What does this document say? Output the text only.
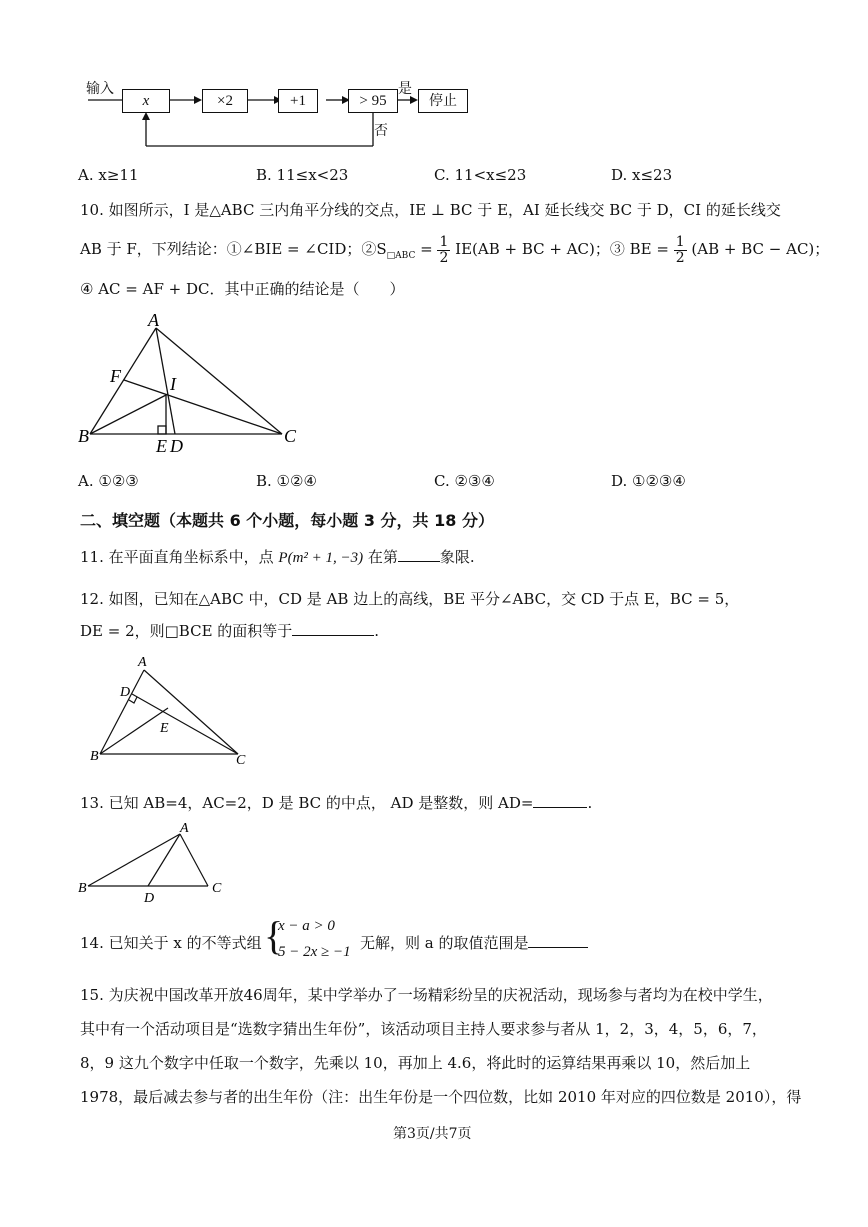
输入
x	×2	+1	> 95	停止
是
否
A. x≥11	B. 11≤x<23	C. 11<x≤23	D. x≤23
10. 如图所示，I 是△ABC 三内角平分线的交点，IE ⊥ BC 于 E，AI 延长线交 BC 于 D，CI 的延长线交
AB 于 F，下列结论：①∠BIE = ∠CID；$②S_{□ABC} = \frac{1}{2} IE(AB$ + BC + AC)；③ BE = $\frac{1}{2} (AB$ + BC − AC)；
④ AC = AF + DC．其中正确的结论是（　　）
A
F	I
B	E D	C
A. ①②③	B. ①②④	C. ②③④	D. ①②③④
二、填空题（本题共 6 个小题，每小题 3 分，共 18 分）
11. 在平面直角坐标系中，点 P(m² + 1, −3) 在第	象限.
12. 如图，已知在△ABC 中，CD 是 AB 边上的高线，BE 平分∠ABC，交 CD 于点 E，BC = 5，
DE = 2，则□BCE 的面积等于	.
A
D
E
B	C
13. 已知 AB=4，AC=2，D 是 BC 的中点， AD 是整数，则 AD=	.
A
B
D
C
14. 已知关于 x 的不等式组 {
x − a > 0
5 − 2x ≥ −1 无解，则 a 的取值范围是
15. 为庆祝中国改革开放46周年，某中学举办了一场精彩纷呈的庆祝活动，现场参与者均为在校中学生，
其中有一个活动项目是“选数字猜出生年份”，该活动项目主持人要求参与者从 1，2，3，4，5，6，7，
8，9 这九个数字中任取一个数字，先乘以 10，再加上 4.6，将此时的运算结果再乘以 10，然后加上
1978，最后减去参与者的出生年份（注：出生年份是一个四位数，比如 2010 年对应的四位数是 2010），得
第3页/共7页
